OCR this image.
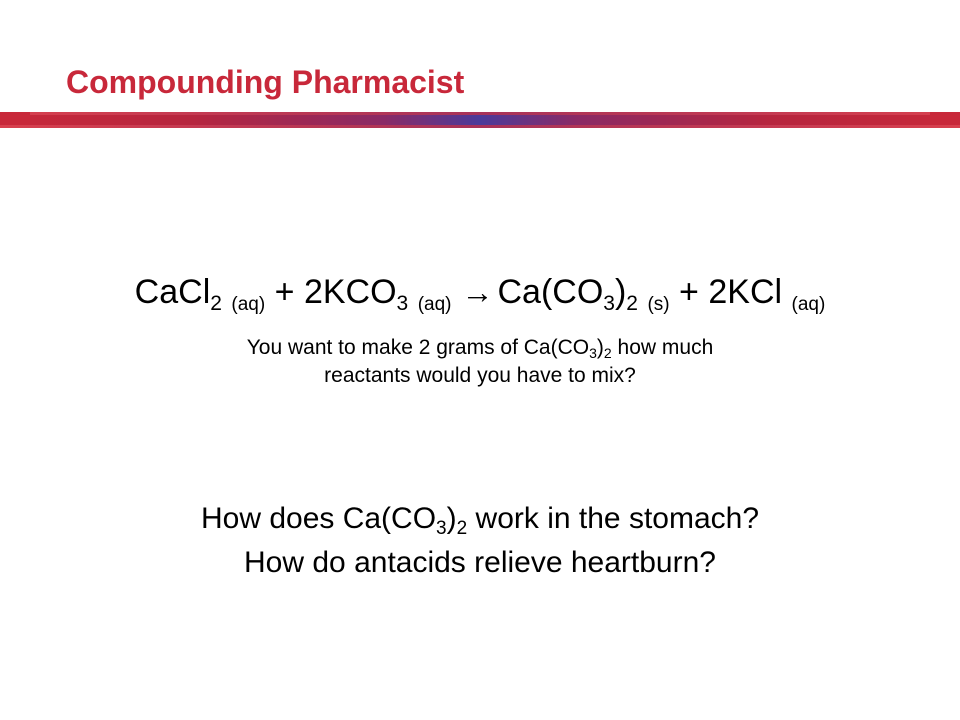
Compounding Pharmacist
CaCl$_2$ $_{(aq)} + 2KCO_3$ $_{(aq)} \to Ca(CO_3)_2$ $_{(s)}$ + 2KCl $_{(aq)}$
You want to make 2 grams of $Ca(CO_3)_2$ how much
reactants would you have to mix?
How does $Ca(CO_3)_2$ work in the stomach?
How do antacids relieve heartburn?
